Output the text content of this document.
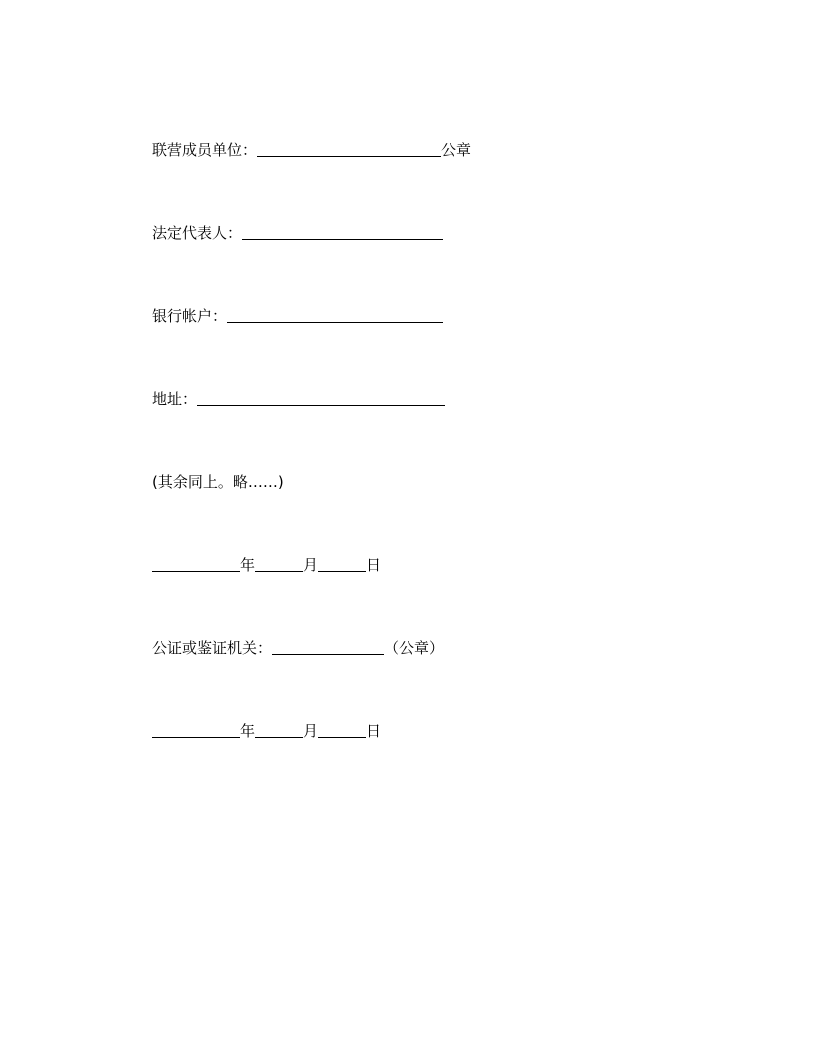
联营成员单位：	公章
法定代表人：
银行帐户：
地址：
(其余同上。略……)
年	月	日
公证或鉴证机关：	（公章）
年	月	日
